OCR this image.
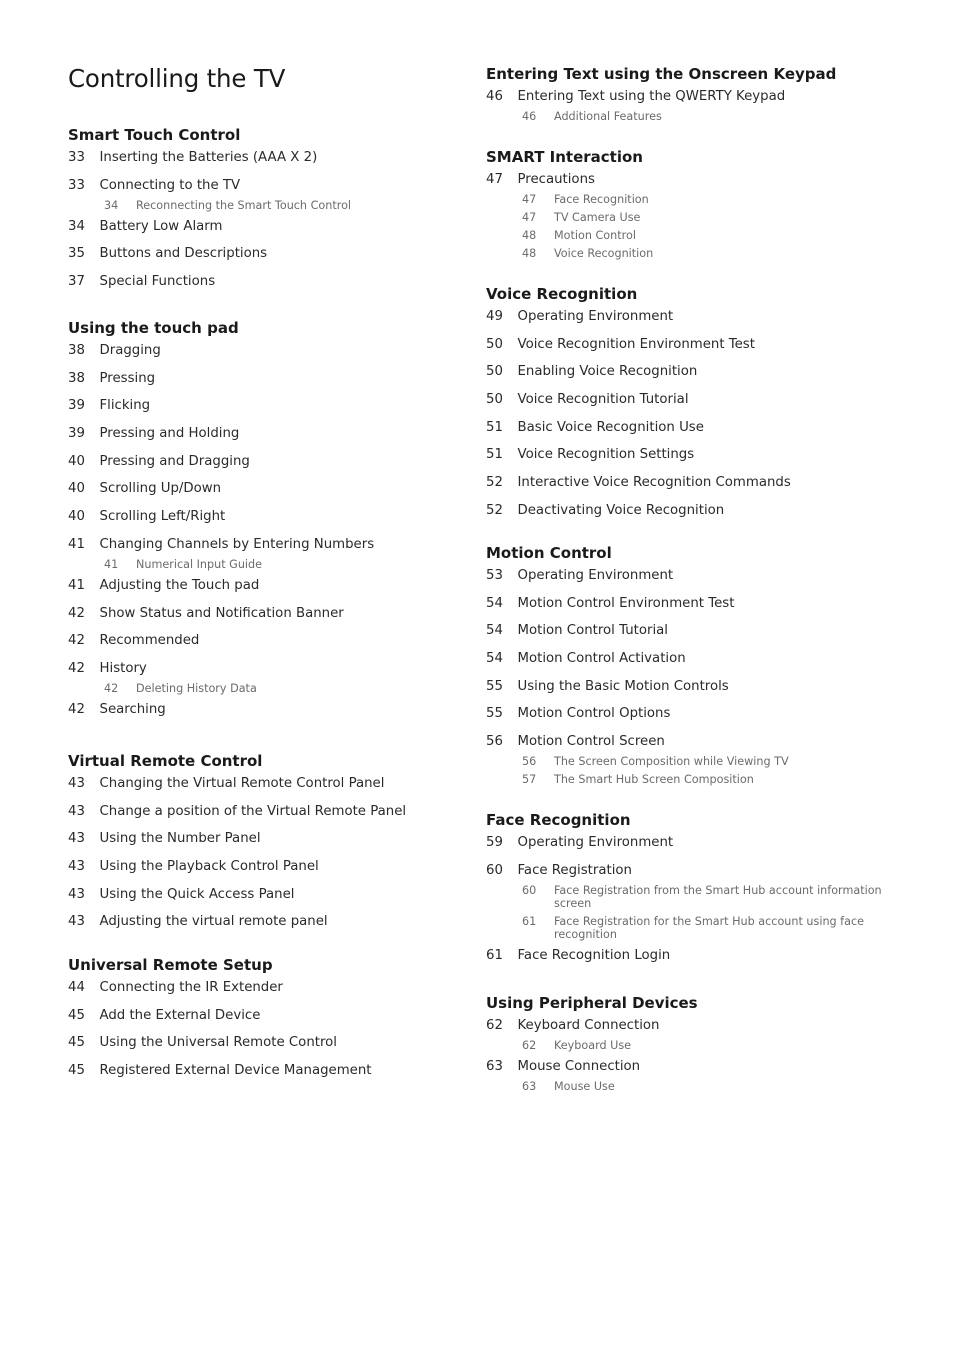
Controlling the TV
Smart Touch Control
33	Inserting the Batteries (AAA X 2)
33	Connecting to the TV
34	Reconnecting the Smart Touch Control
34	Battery Low Alarm
35	Buttons and Descriptions
37	Special Functions
Using the touch pad
38	Dragging
38	Pressing
39	Flicking
39	Pressing and Holding
40	Pressing and Dragging
40	Scrolling Up/Down
40	Scrolling Left/Right
41	Changing Channels by Entering Numbers
41	Numerical Input Guide
41	Adjusting the Touch pad
42	Show Status and Notification Banner
42	Recommended
42	History
42	Deleting History Data
42	Searching
Virtual Remote Control
43	Changing the Virtual Remote Control Panel
43	Change a position of the Virtual Remote Panel
43	Using the Number Panel
43	Using the Playback Control Panel
43	Using the Quick Access Panel
43	Adjusting the virtual remote panel
Universal Remote Setup
44	Connecting the IR Extender
45	Add the External Device
45	Using the Universal Remote Control
45	Registered External Device Management
Entering Text using the Onscreen Keypad
46	Entering Text using the QWERTY Keypad
46	Additional Features
SMART Interaction
47	Precautions
47	Face Recognition
47	TV Camera Use
48	Motion Control
48	Voice Recognition
Voice Recognition
49	Operating Environment
50	Voice Recognition Environment Test
50	Enabling Voice Recognition
50	Voice Recognition Tutorial
51	Basic Voice Recognition Use
51	Voice Recognition Settings
52	Interactive Voice Recognition Commands
52	Deactivating Voice Recognition
Motion Control
53	Operating Environment
54	Motion Control Environment Test
54	Motion Control Tutorial
54	Motion Control Activation
55	Using the Basic Motion Controls
55	Motion Control Options
56	Motion Control Screen
56	The Screen Composition while Viewing TV
57	The Smart Hub Screen Composition
Face Recognition
59	Operating Environment
60	Face Registration
60	Face Registration from the Smart Hub account information screen
61	Face Registration for the Smart Hub account using face recognition
61	Face Recognition Login
Using Peripheral Devices
62	Keyboard Connection
62	Keyboard Use
63	Mouse Connection
63	Mouse Use
